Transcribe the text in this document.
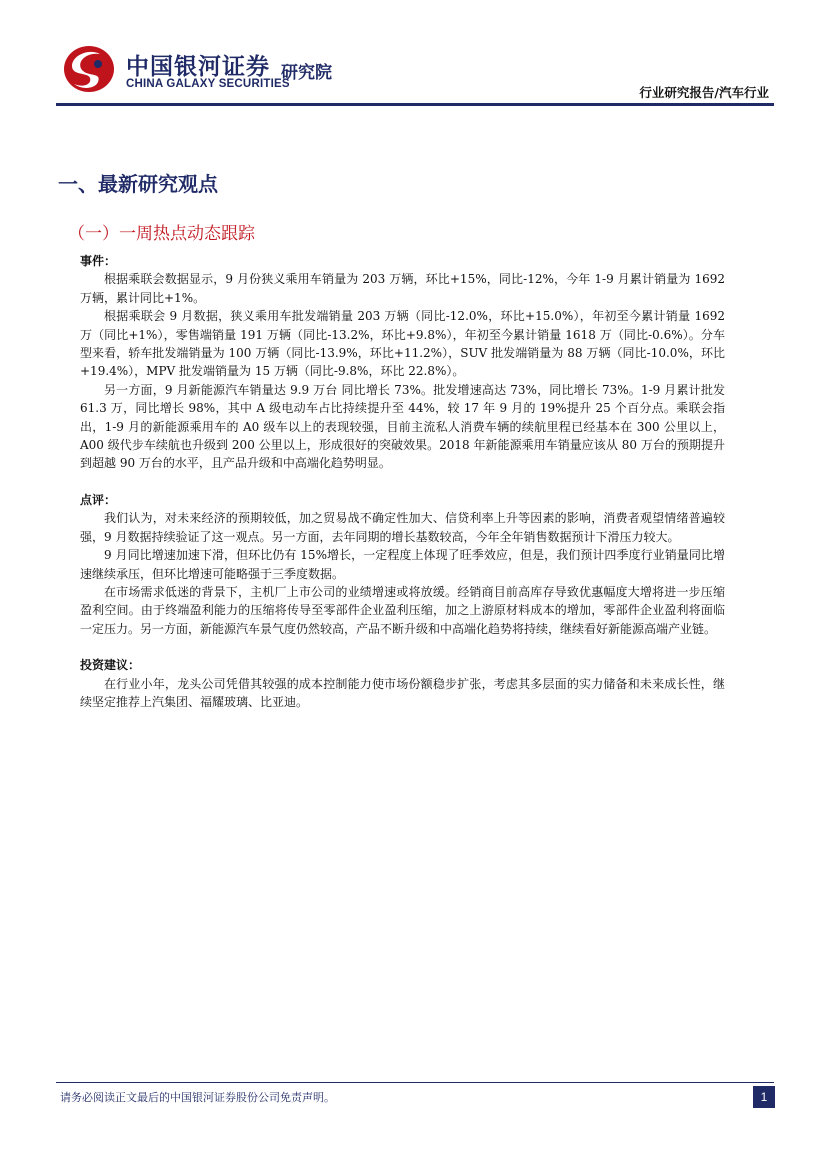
中国银河证券
CHINA GALAXY SECURITIES
研究院
行业研究报告/汽车行业
一、最新研究观点
（一）一周热点动态跟踪

事件：

根据乘联会数据显示，9 月份狭义乘用车销量为 203 万辆，环比+15%，同比-12%，今年 1-9 月累计销量为 1692 万辆，累计同比+1%。

根据乘联会 9 月数据，狭义乘用车批发端销量 203 万辆（同比-12.0%，环比+15.0%），年初至今累计销量 1692 万（同比+1%），零售端销量 191 万辆（同比-13.2%，环比+9.8%），年初至今累计销量 1618 万（同比-0.6%）。分车型来看，轿车批发端销量为 100 万辆（同比-13.9%，环比+11.2%），SUV 批发端销量为 88 万辆（同比-10.0%，环比+19.4%），MPV 批发端销量为 15 万辆（同比-9.8%，环比 22.8%）。

另一方面，9 月新能源汽车销量达 9.9 万台 同比增长 73%。批发增速高达 73%，同比增长 73%。1-9 月累计批发 61.3 万，同比增长 98%，其中 A 级电动车占比持续提升至 44%，较 17 年 9 月的 19%提升 25 个百分点。乘联会指出，1-9 月的新能源乘用车的 A0 级车以上的表现较强，目前主流私人消费车辆的续航里程已经基本在 300 公里以上，A00 级代步车续航也升级到 200 公里以上，形成很好的突破效果。2018 年新能源乘用车销量应该从 80 万台的预期提升到超越 90 万台的水平，且产品升级和中高端化趋势明显。

点评：

我们认为，对未来经济的预期较低，加之贸易战不确定性加大、信贷利率上升等因素的影响，消费者观望情绪普遍较强，9 月数据持续验证了这一观点。另一方面，去年同期的增长基数较高，今年全年销售数据预计下滑压力较大。

9 月同比增速加速下滑，但环比仍有 15%增长，一定程度上体现了旺季效应，但是，我们预计四季度行业销量同比增速继续承压，但环比增速可能略强于三季度数据。

在市场需求低迷的背景下，主机厂上市公司的业绩增速或将放缓。经销商目前高库存导致优惠幅度大增将进一步压缩盈利空间。由于终端盈利能力的压缩将传导至零部件企业盈利压缩，加之上游原材料成本的增加，零部件企业盈利将面临一定压力。另一方面，新能源汽车景气度仍然较高，产品不断升级和中高端化趋势将持续，继续看好新能源高端产业链。

投资建议：

在行业小年，龙头公司凭借其较强的成本控制能力使市场份额稳步扩张，考虑其多层面的实力储备和未来成长性，继续坚定推荐上汽集团、福耀玻璃、比亚迪。

请务必阅读正文最后的中国银河证券股份公司免责声明。	1
